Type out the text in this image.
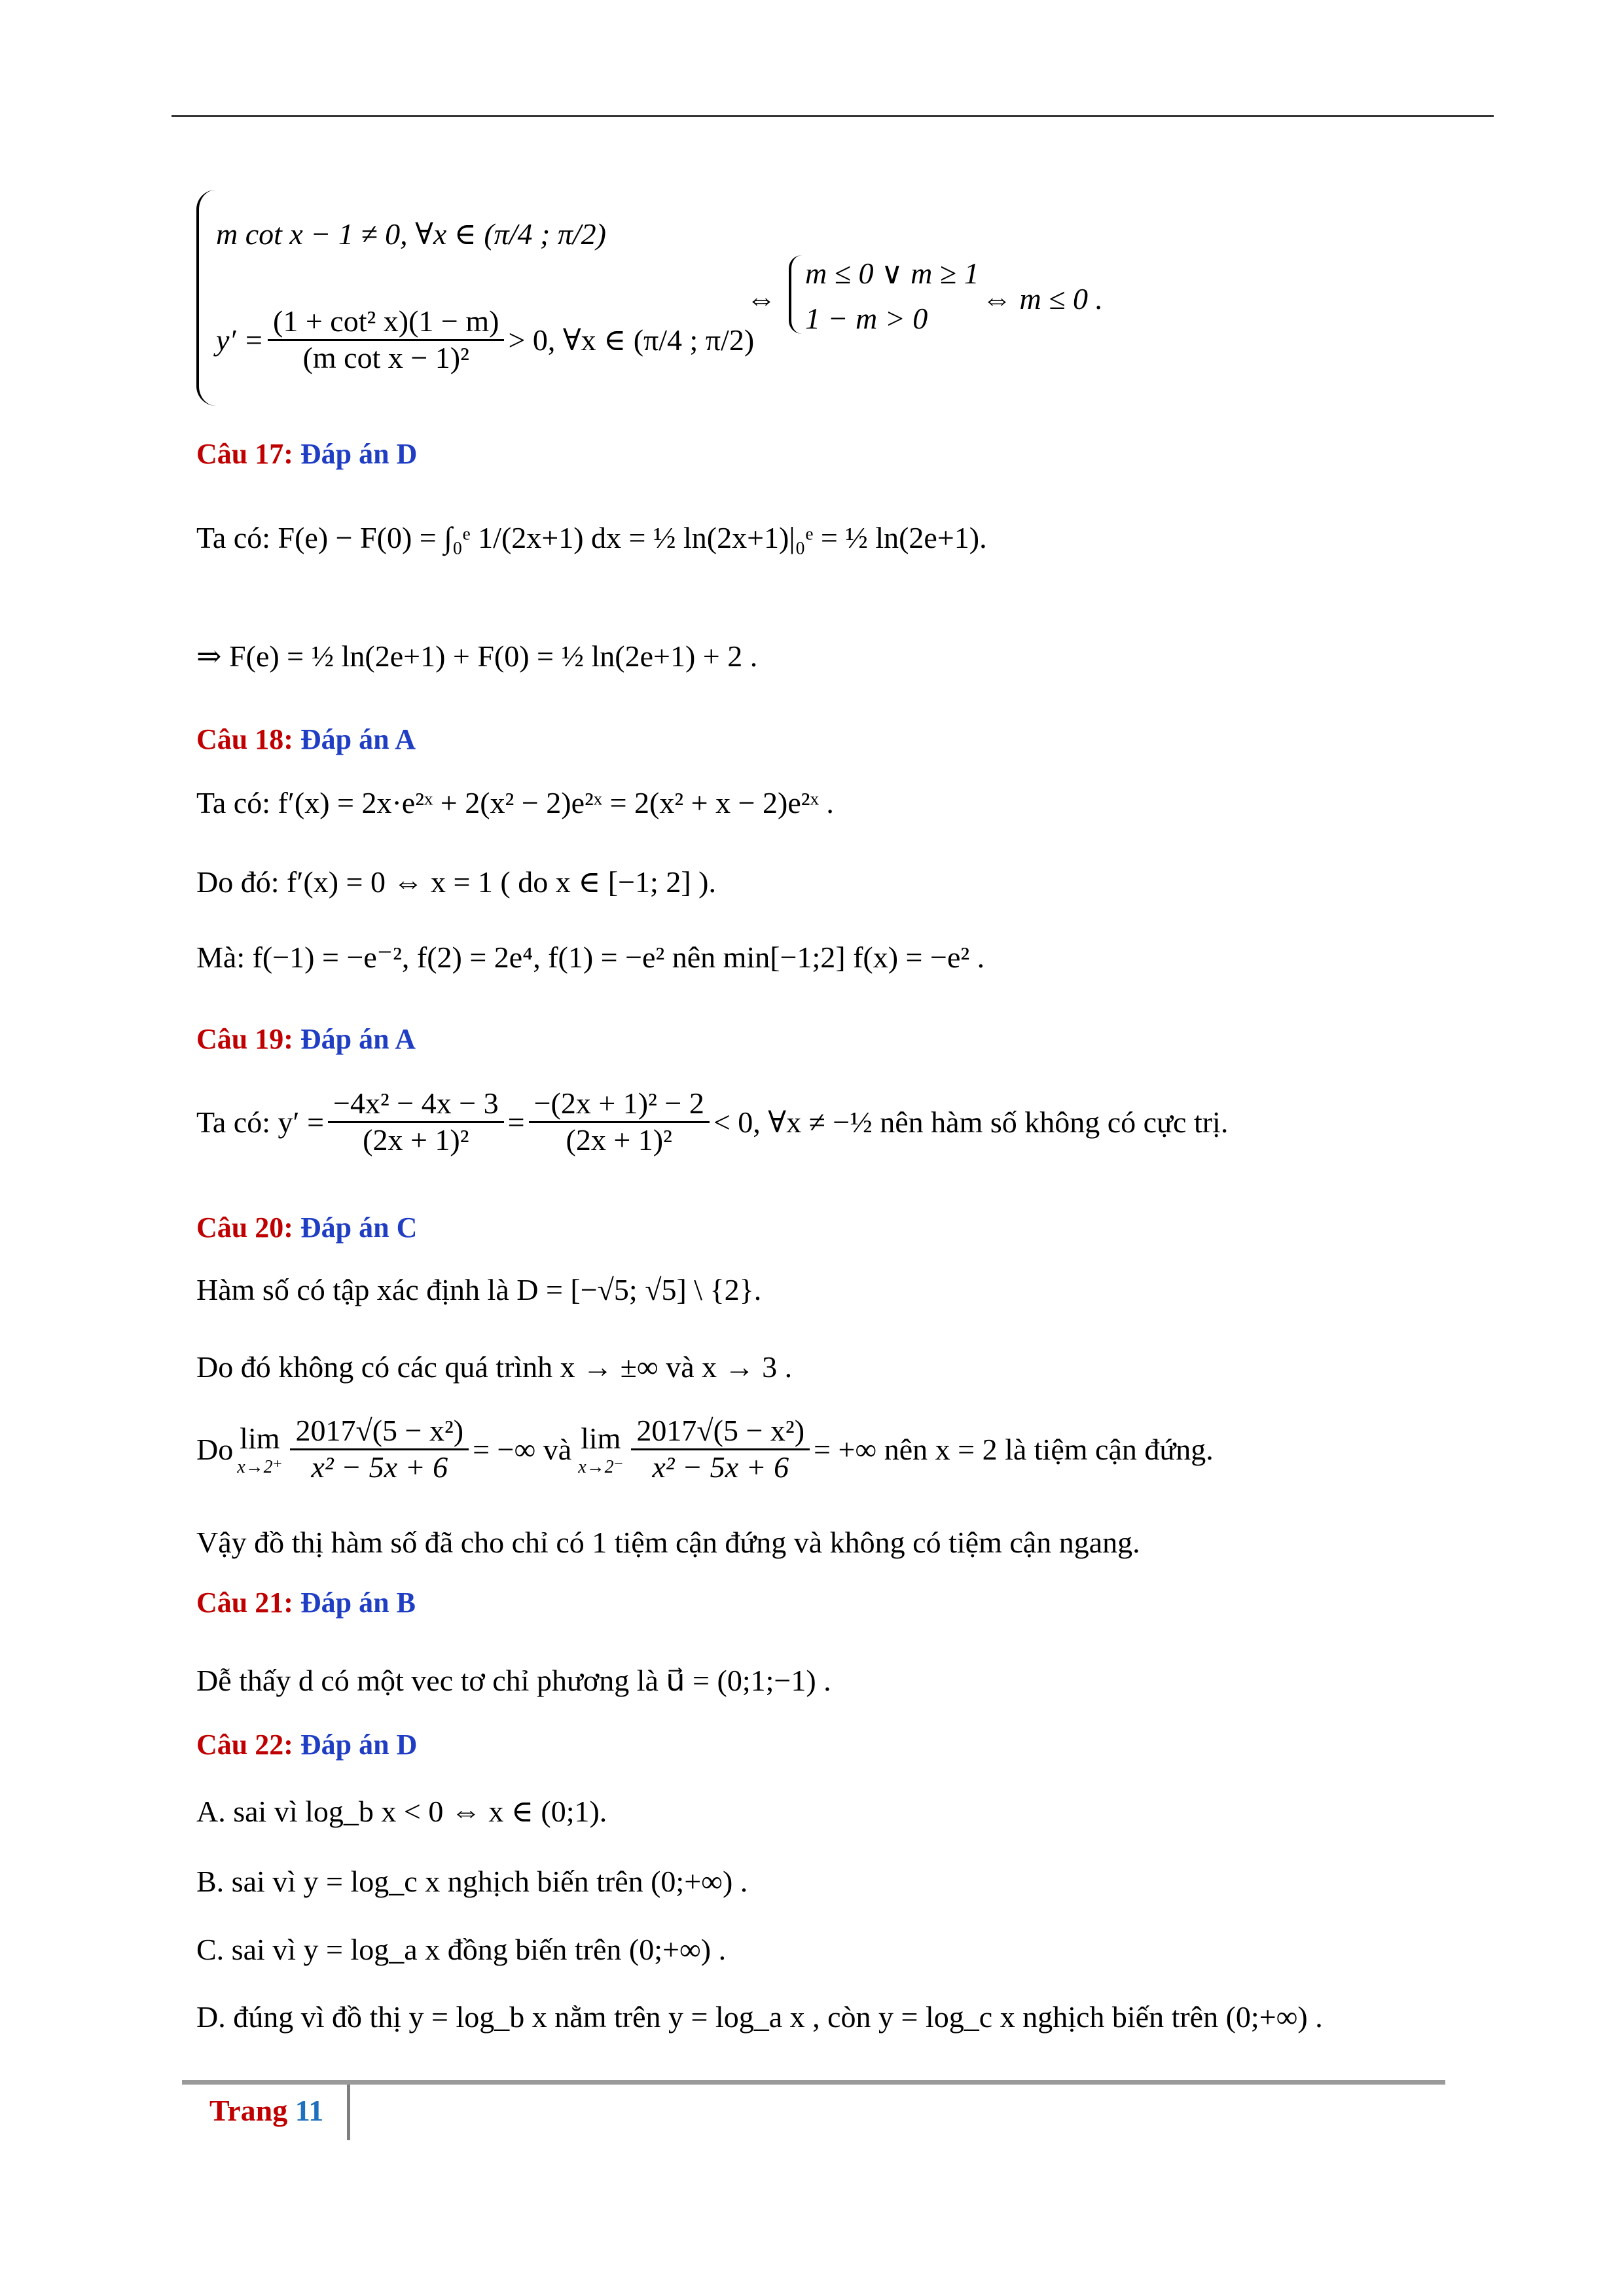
m cot x − 1 ≠ 0, ∀x ∈ (π/4 ; π/2)
$y' = \frac{\text{(1 + cot² x)(1 − m)}}{\text{(m cot x − 1)²}} > 0$, ∀x ∈ (π/4 ; π/2)
⇔
m ≤ 0 ∨ m ≥ 1
1 − m > 0
⇔ m ≤ 0 .
Câu 17: Đáp án D
Ta có: F(e) − F(0) = ∫₀ᵉ 1/(2x+1) dx = ½ ln(2x+1)|₀ᵉ = ½ ln(2e+1).
⇒ F(e) = ½ ln(2e+1) + F(0) = ½ ln(2e+1) + 2 .
Câu 18: Đáp án A
Ta có: f′(x) = 2x·e²ˣ + 2(x² − 2)e²ˣ = 2(x² + x − 2)e²ˣ .
Do đó: f′(x) = 0 ⇔ x = 1 ( do x ∈ [−1; 2] ).
Mà: f(−1) = −e⁻², f(2) = 2e⁴, f(1) = −e² nên min[−1;2] f(x) = −e² .
Câu 19: Đáp án A
Ta có: $y' = \frac{\text{−4x² − 4x − 3}}{\text{(2x + 1)²}} = \frac{\text{−(2x + 1)² − 2}}{\text{(2x + 1)²}} < 0$, ∀x ≠ −½ nên hàm số không có cực trị.
Câu 20: Đáp án C
Hàm số có tập xác định là D = [−√5; √5] \ {2}.
Do đó không có các quá trình x → ±∞ và x → 3 .
Do lim
$x\to 2^+ \frac{\text{2017√(5 − x²)}}{\text{x² − 5x + 6}}$ = −∞ và lim
$x\to 2^- \frac{\text{2017√(5 − x²)}}{\text{x² − 5x + 6}}$ = +∞ nên x = 2 là tiệm cận đứng.
Vậy đồ thị hàm số đã cho chỉ có 1 tiệm cận đứng và không có tiệm cận ngang.
Câu 21: Đáp án B
Dễ thấy d có một vec tơ chỉ phương là u⃗ = (0;1;−1) .
Câu 22: Đáp án D
A. sai vì log_b x < 0 ⇔ x ∈ (0;1).
B. sai vì y = log_c x nghịch biến trên (0;+∞) .
C. sai vì y = log_a x đồng biến trên (0;+∞) .
D. đúng vì đồ thị y = log_b x nằm trên y = log_a x , còn y = log_c x nghịch biến trên (0;+∞) .
Trang 11
